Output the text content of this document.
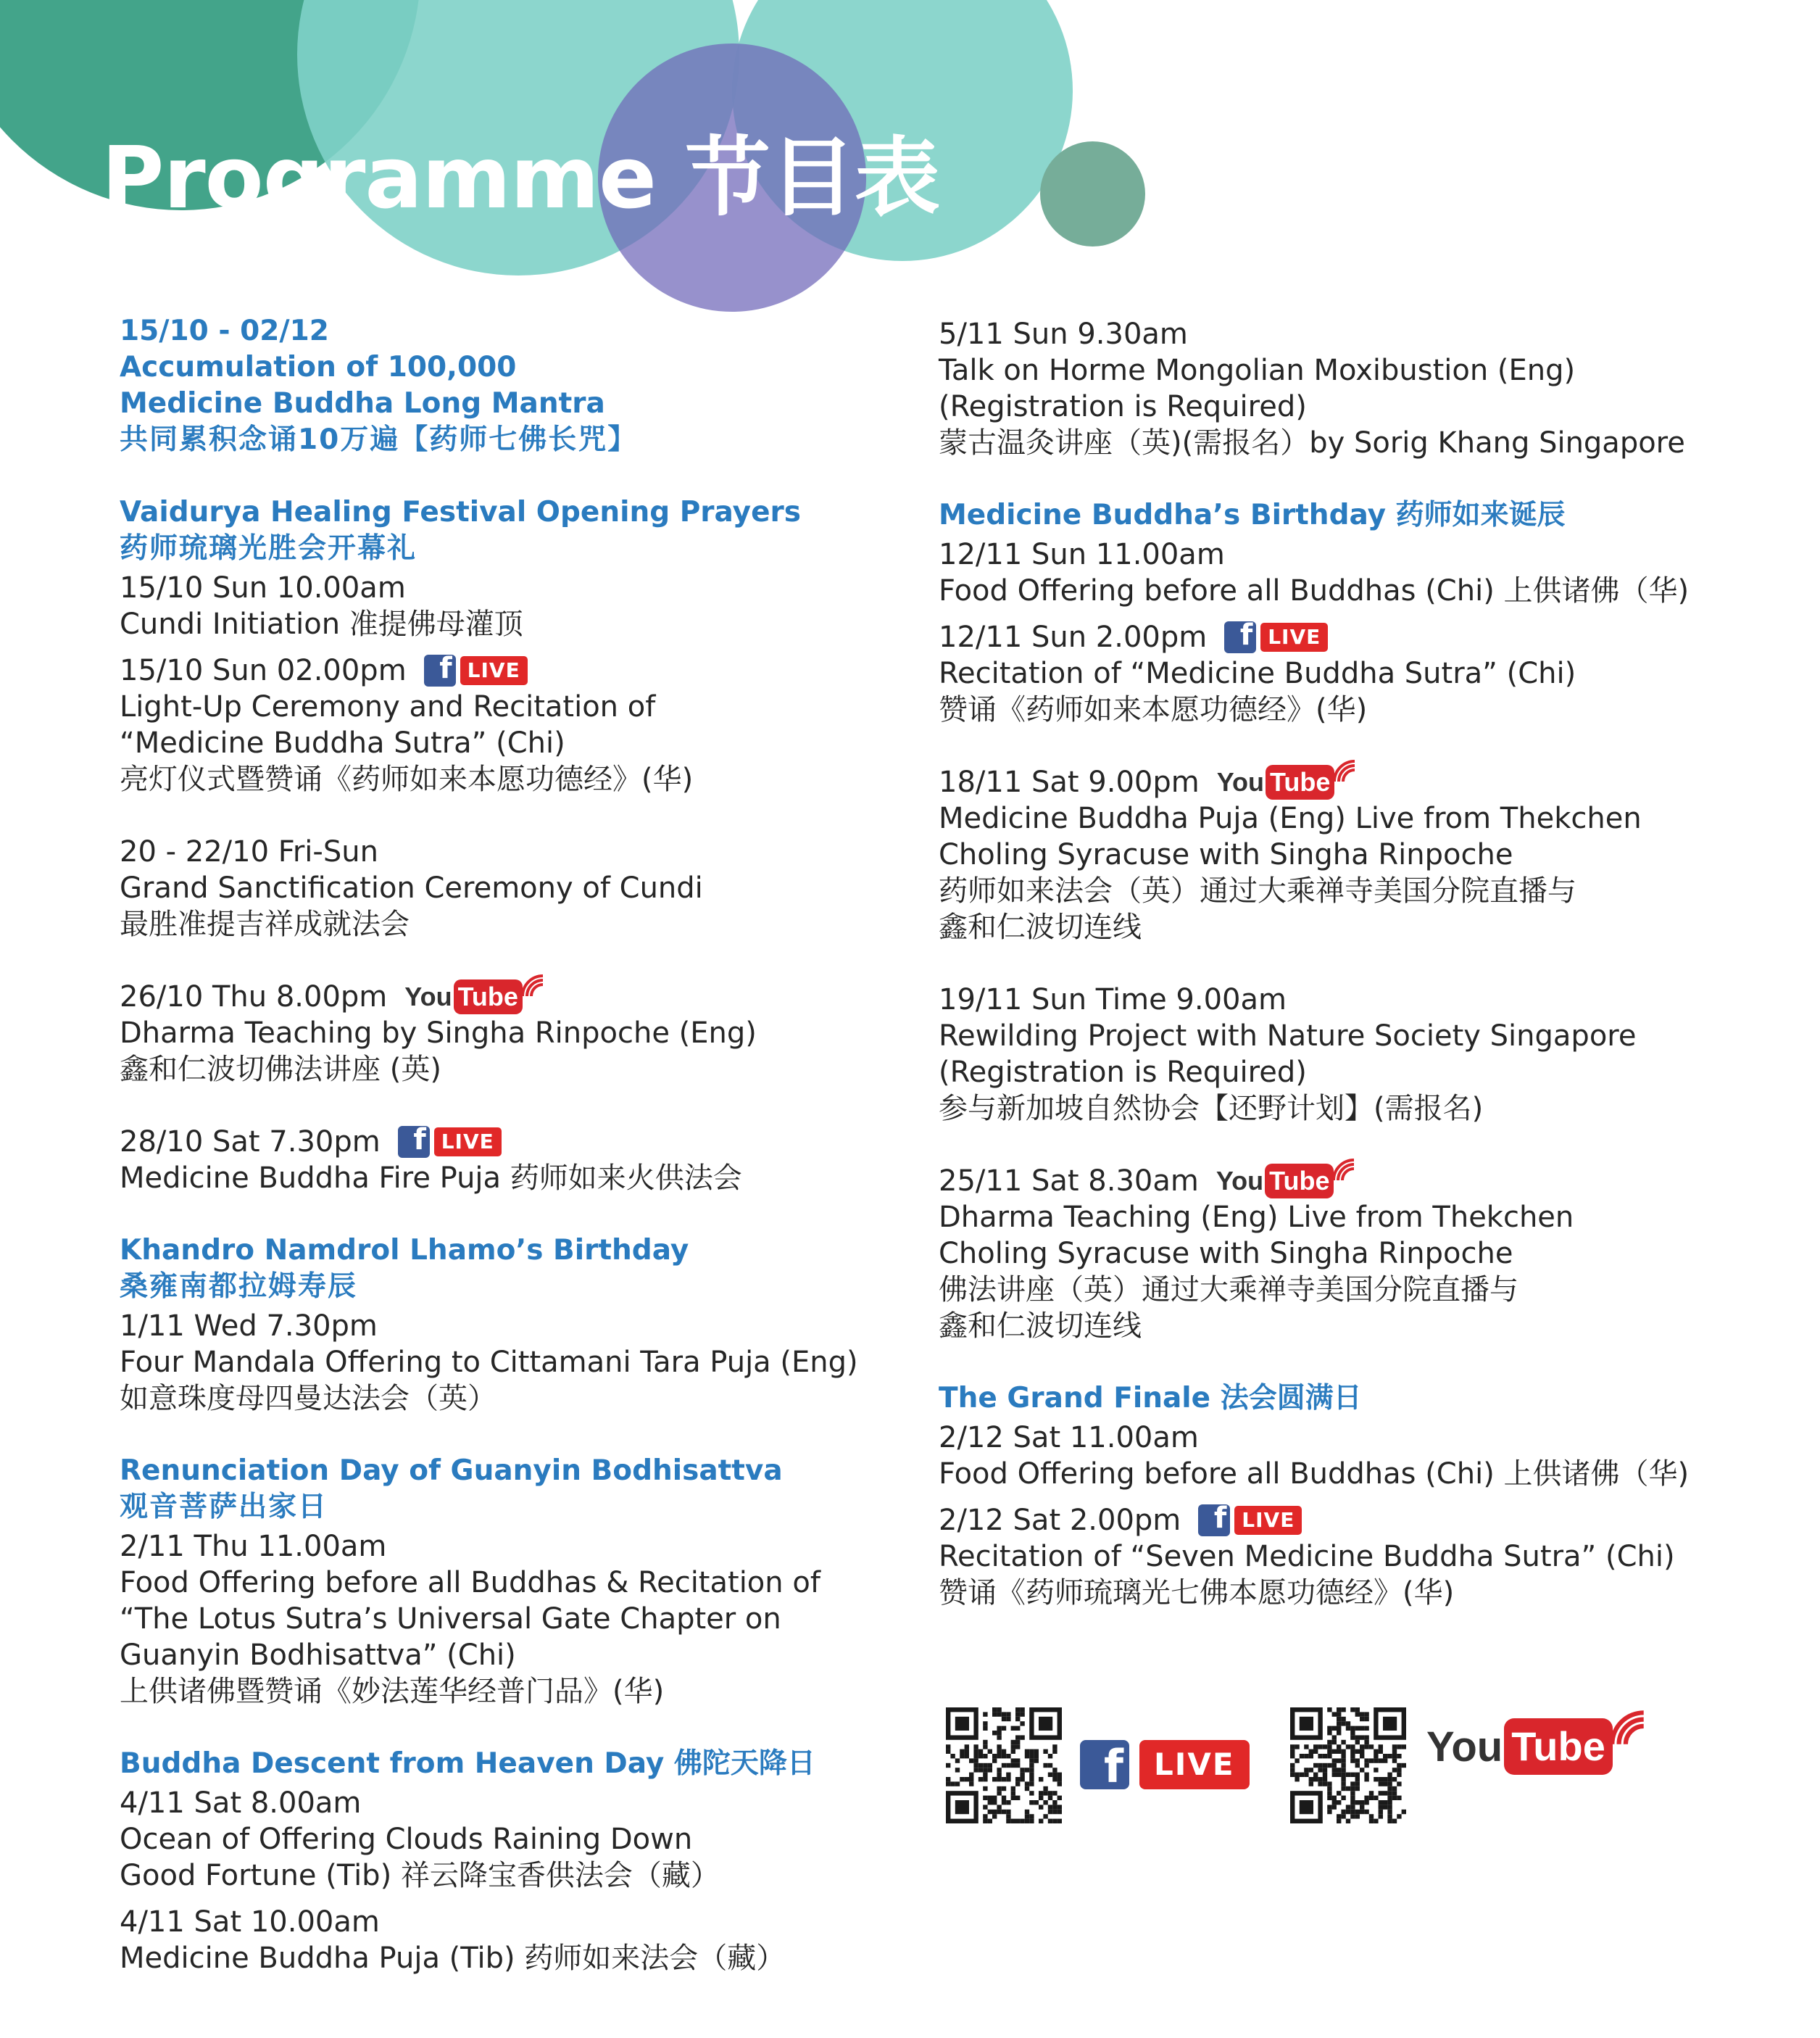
Programme 节目表
15/10 - 02/12
Accumulation of 100,000
Medicine Buddha Long Mantra
共同累积念诵10万遍【药师七佛长咒】
Vaidurya Healing Festival Opening Prayers
药师琉璃光胜会开幕礼
15/10 Sun 10.00am
Cundi Initiation 准提佛母灌顶
15/10 Sun 02.00pm	f LIVE
Light-Up Ceremony and Recitation of
“Medicine Buddha Sutra” (Chi)
亮灯仪式暨赞诵《药师如来本愿功德经》(华)
20 - 22/10 Fri-Sun
Grand Sanctification Ceremony of Cundi
最胜准提吉祥成就法会
26/10 Thu 8.00pm You Tube
Dharma Teaching by Singha Rinpoche (Eng)
鑫和仁波切佛法讲座 (英)
28/10 Sat 7.30pm	f LIVE
Medicine Buddha Fire Puja 药师如来火供法会
Khandro Namdrol Lhamo’s Birthday
桑雍南都拉姆寿辰
1/11 Wed 7.30pm
Four Mandala Offering to Cittamani Tara Puja (Eng)
如意珠度母四曼达法会（英）
Renunciation Day of Guanyin Bodhisattva
观音菩萨出家日
2/11 Thu 11.00am
Food Offering before all Buddhas & Recitation of
“The Lotus Sutra’s Universal Gate Chapter on
Guanyin Bodhisattva” (Chi)
上供诸佛暨赞诵《妙法莲华经普门品》(华)
Buddha Descent from Heaven Day 佛陀天降日
4/11 Sat 8.00am
Ocean of Offering Clouds Raining Down
Good Fortune (Tib) 祥云降宝香供法会（藏）
4/11 Sat 10.00am
Medicine Buddha Puja (Tib) 药师如来法会（藏）
5/11 Sun 9.30am
Talk on Horme Mongolian Moxibustion (Eng)
(Registration is Required)
蒙古温灸讲座（英)(需报名）by Sorig Khang Singapore
Medicine Buddha’s Birthday 药师如来诞辰
12/11 Sun 11.00am
Food Offering before all Buddhas (Chi) 上供诸佛（华)
12/11 Sun 2.00pm	f LIVE
Recitation of “Medicine Buddha Sutra” (Chi)
赞诵《药师如来本愿功德经》(华)
18/11 Sat 9.00pm You Tube
Medicine Buddha Puja (Eng) Live from Thekchen
Choling Syracuse with Singha Rinpoche
药师如来法会（英）通过大乘禅寺美国分院直播与
鑫和仁波切连线
19/11 Sun Time 9.00am
Rewilding Project with Nature Society Singapore
(Registration is Required)
参与新加坡自然协会【还野计划】(需报名)
25/11 Sat 8.30am You Tube
Dharma Teaching (Eng) Live from Thekchen
Choling Syracuse with Singha Rinpoche
佛法讲座（英）通过大乘禅寺美国分院直播与
鑫和仁波切连线
The Grand Finale 法会圆满日
2/12 Sat 11.00am
Food Offering before all Buddhas (Chi) 上供诸佛（华)
2/12 Sat 2.00pm	f LIVE
Recitation of “Seven Medicine Buddha Sutra” (Chi)
赞诵《药师琉璃光七佛本愿功德经》(华)
f	LIVE	You Tube
